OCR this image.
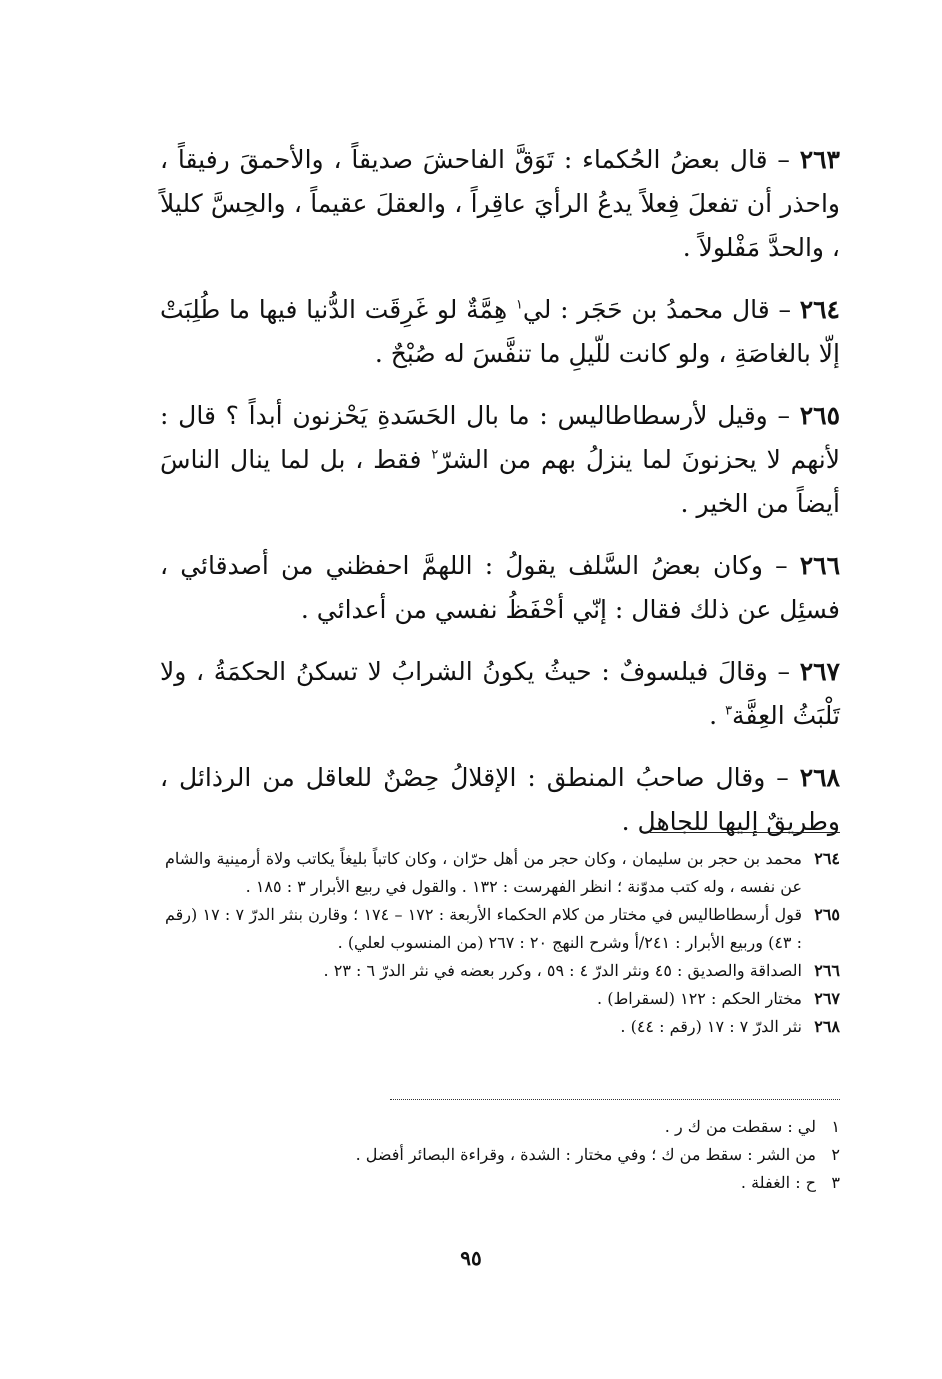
٢٦٣ – قال بعضُ الحُكماء : تَوَقَّ الفاحشَ صديقاً ، والأحمقَ رفيقاً ، واحذر أن تفعلَ فِعلاً يدعُ الرأيَ عاقِراً ، والعقلَ عقيماً ، والحِسَّ كليلاً ، والحدَّ مَفْلولاً .

٢٦٤ – قال محمدُ بن حَجَر : لي$^١$ هِمَّةٌ لو غَرِقَت الدُّنيا فيها ما طُلِبَتْ إلّا بالغاصَةِ ، ولو كانت للّيلِ ما تنفَّسَ له صُبْحٌ .

٢٦٥ – وقيل لأرسطاطاليس : ما بال الحَسَدةِ يَحْزنون أبداً ؟ قال : لأنهم لا يحزنونَ لما ينزلُ بهم من الشرّ$^٢$ فقط ، بل لما ينال الناسَ أيضاً من الخير .

٢٦٦ – وكان بعضُ السَّلف يقولُ : اللهمَّ احفظني من أصدقائي ، فسئِل عن ذلك فقال : إنّي أحْفَظُ نفسي من أعدائي .

٢٦٧ – وقالَ فيلسوفٌ : حيثُ يكونُ الشرابُ لا تسكنُ الحكمَةُ ، ولا تَلْبَثُ العِفَّة$^٣$ .

٢٦٨ – وقال صاحبُ المنطق : الإقلالُ حِصْنٌ للعاقل من الرذائل ، وطريقٌ إليها للجاهل .

٢٦٤
محمد بن حجر بن سليمان ، وكان حجر من أهل حرّان ، وكان كاتباً بليغاً يكاتب ولاة أرمينية والشام عن نفسه ، وله كتب مدوّنة ؛ انظر الفهرست : ١٣٢ . والقول في ربيع الأبرار ٣ : ١٨٥ .
٢٦٥
قول أرسطاطاليس في مختار من كلام الحكماء الأربعة : ١٧٢ – ١٧٤ ؛ وقارن بنثر الدرّ ٧ : ١٧ (رقم : ٤٣) وربيع الأبرار : ٢٤١/أ وشرح النهج ٢٠ : ٢٦٧ (من المنسوب لعلي) .
٢٦٦
الصداقة والصديق : ٤٥ ونثر الدرّ ٤ : ٥٩ ، وكرر بعضه في نثر الدرّ ٦ : ٢٣ .
٢٦٧
مختار الحكم : ١٢٢ (لسقراط) .
٢٦٨
نثر الدرّ ٧ : ١٧ (رقم : ٤٤) .
١
لي : سقطت من ك ر .
٢
من الشر : سقط من ك ؛ وفي مختار : الشدة ، وقراءة البصائر أفضل .
٣
ح : الغفلة .
٩٥
